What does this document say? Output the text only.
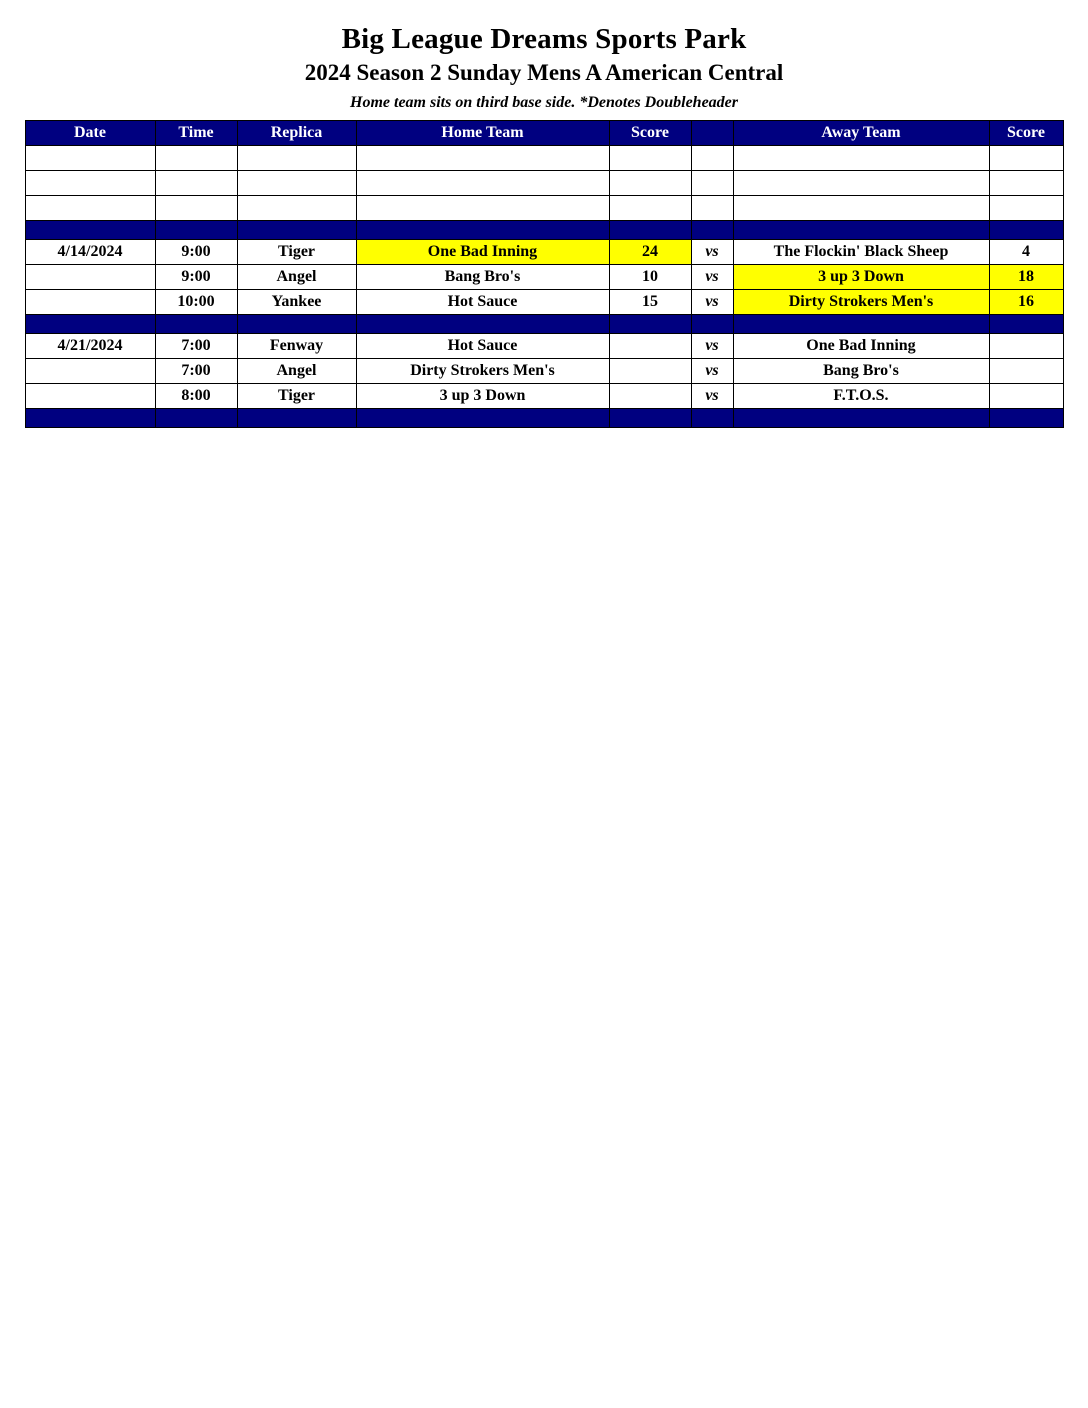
Big League Dreams Sports Park
2024 Season 2 Sunday Mens A American Central
Home team sits on third base side. *Denotes Doubleheader
Date	Time	Replica	Home Team	Score		Away Team	Score

4/14/2024	9:00	Tiger	One Bad Inning	24	vs	The Flockin' Black Sheep	4
	9:00	Angel	Bang Bro's	10	vs	3 up 3 Down	18
	10:00	Yankee	Hot Sauce	15	vs	Dirty Strokers Men's	16

4/21/2024	7:00	Fenway	Hot Sauce		vs	One Bad Inning	
	7:00	Angel	Dirty Strokers Men's		vs	Bang Bro's	
	8:00	Tiger	3 up 3 Down		vs	F.T.O.S.	
